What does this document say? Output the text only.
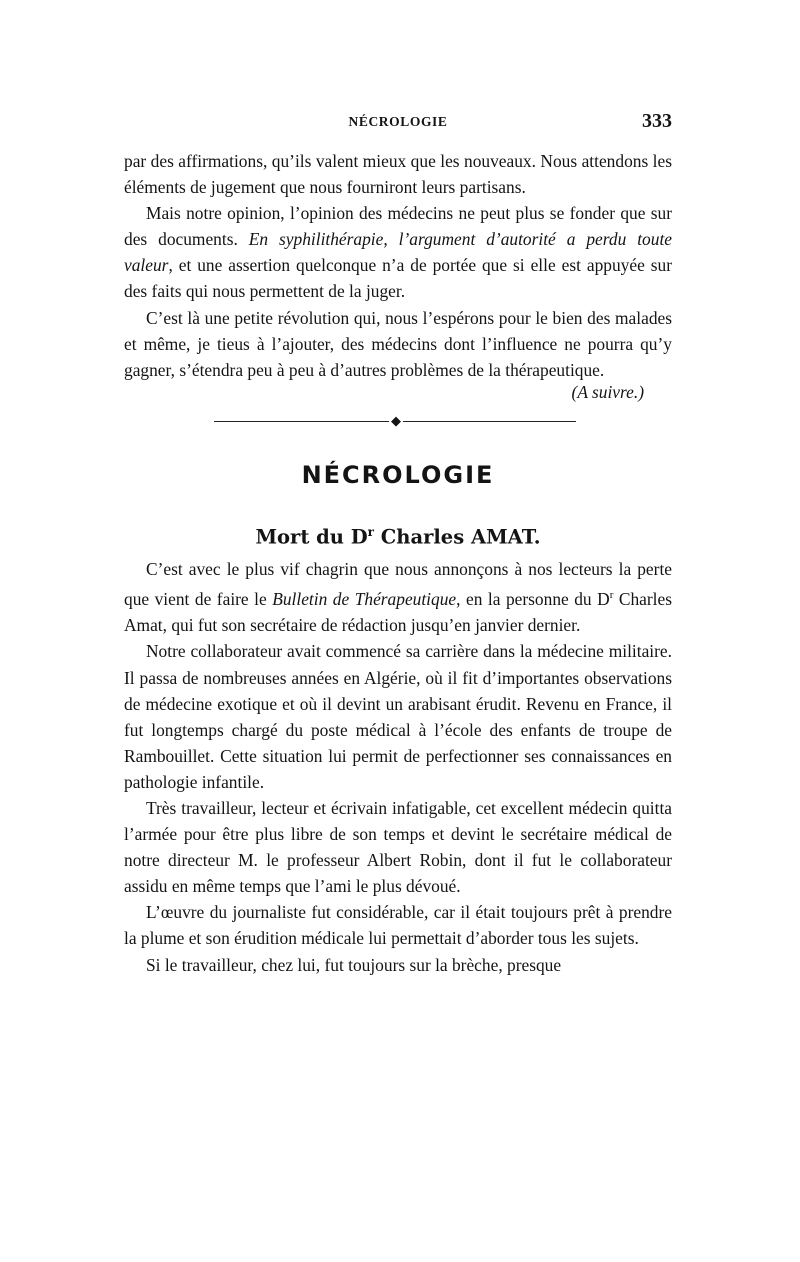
NÉCROLOGIE	333

par des affirmations, qu’ils valent mieux que les nouveaux. Nous attendons les éléments de jugement que nous fourniront leurs partisans.

Mais notre opinion, l’opinion des médecins ne peut plus se fonder que sur des documents. En syphilithérapie, l’argument d’autorité a perdu toute valeur, et une assertion quelconque n’a de portée que si elle est appuyée sur des faits qui nous permettent de la juger.

C’est là une petite révolution qui, nous l’espérons pour le bien des malades et même, je tieus à l’ajouter, des médecins dont l’influence ne pourra qu’y gagner, s’étendra peu à peu à d’autres problèmes de la thérapeutique.

(A suivre.)
◆
NÉCROLOGIE
Mort du $D^r$ Charles AMAT.

C’est avec le plus vif chagrin que nous annonçons à nos lecteurs la perte que vient de faire le Bulletin de Thérapeutique, en la personne du $D^r$ Charles Amat, qui fut son secrétaire de rédaction jusqu’en janvier dernier.

Notre collaborateur avait commencé sa carrière dans la médecine militaire. Il passa de nombreuses années en Algérie, où il fit d’importantes observations de médecine exotique et où il devint un arabisant érudit. Revenu en France, il fut longtemps chargé du poste médical à l’école des enfants de troupe de Rambouillet. Cette situation lui permit de perfectionner ses connaissances en pathologie infantile.

Très travailleur, lecteur et écrivain infatigable, cet excellent médecin quitta l’armée pour être plus libre de son temps et devint le secrétaire médical de notre directeur M. le professeur Albert Robin, dont il fut le collaborateur assidu en même temps que l’ami le plus dévoué.

L’œuvre du journaliste fut considérable, car il était toujours prêt à prendre la plume et son érudition médicale lui permettait d’aborder tous les sujets.

Si le travailleur, chez lui, fut toujours sur la brèche, presque
